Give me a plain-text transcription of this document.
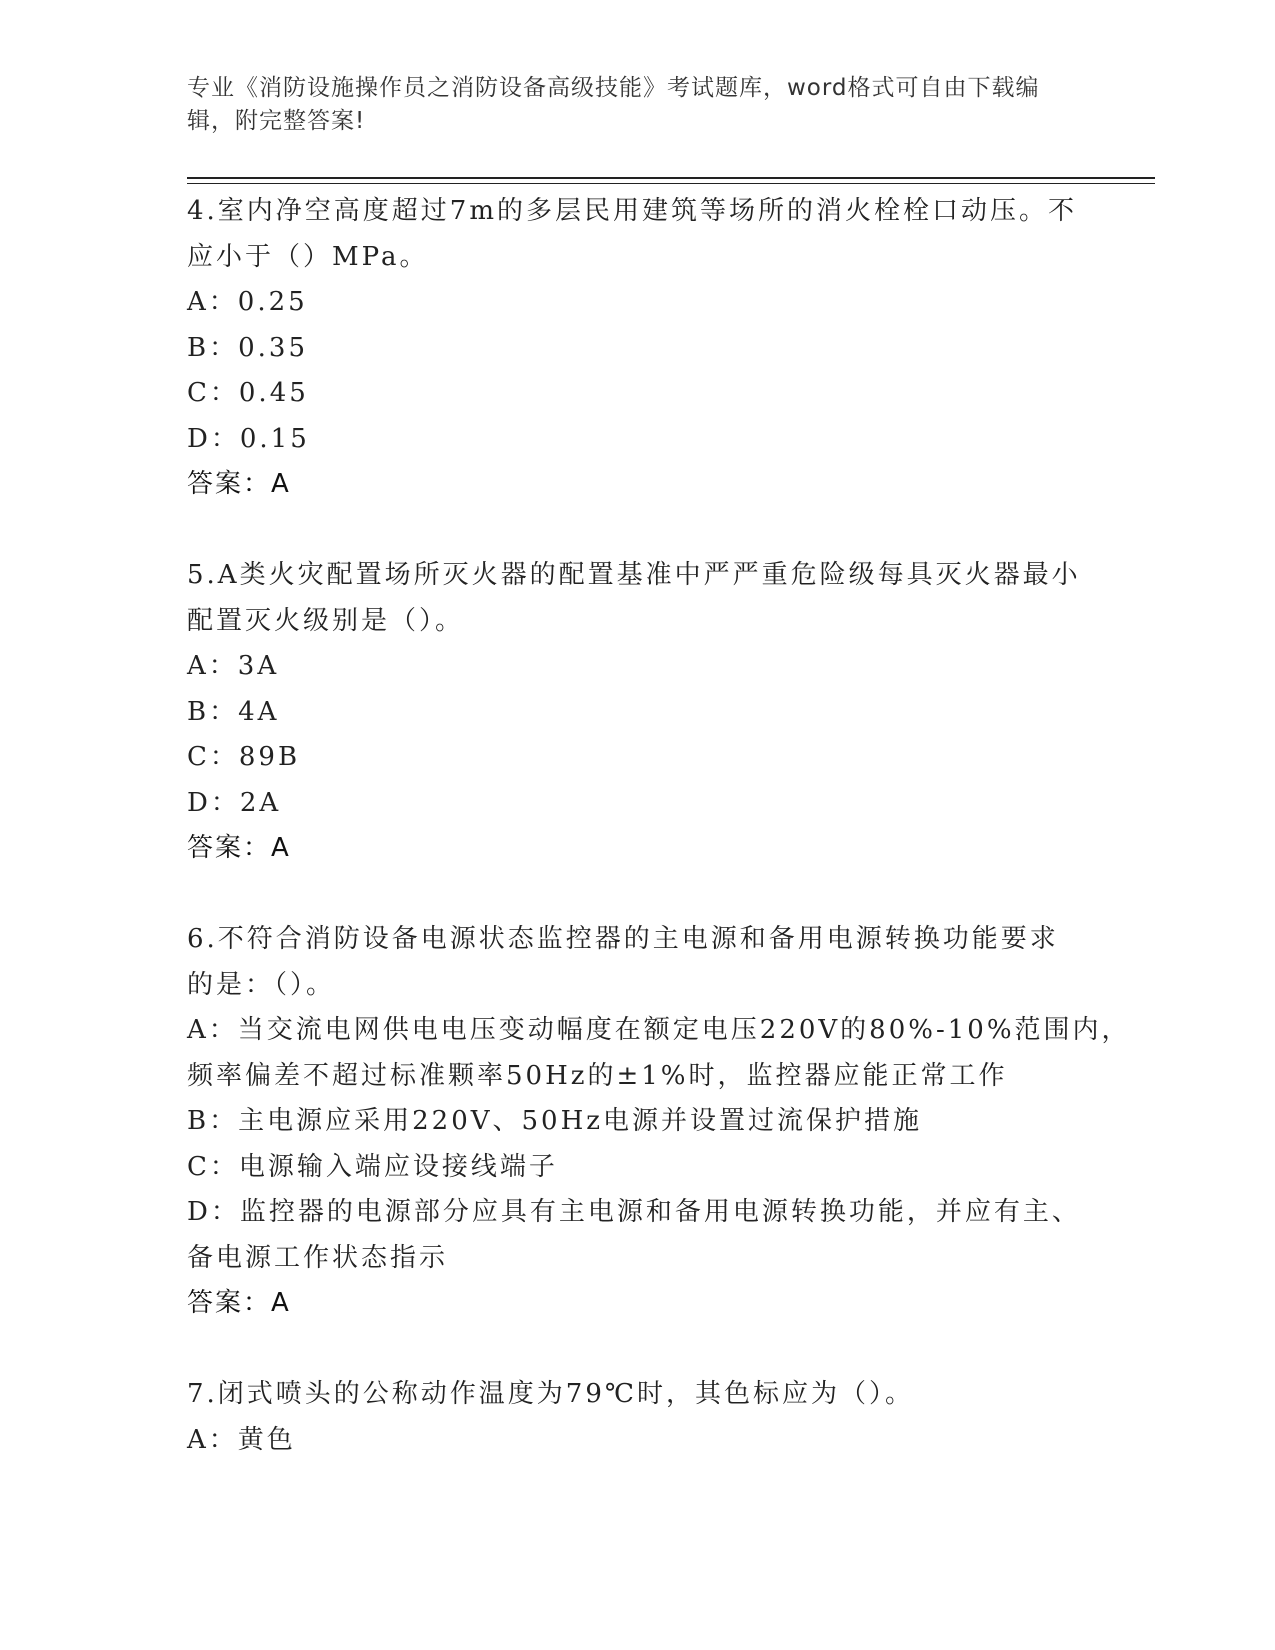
专业《消防设施操作员之消防设备高级技能》考试题库，word格式可自由下载编
辑，附完整答案!
4.室内净空高度超过7m的多层民用建筑等场所的消火栓栓口动压。不
应小于（）MPa。
A：0.25
B：0.35
C：0.45
D：0.15
答案：A
5.A类火灾配置场所灭火器的配置基准中严严重危险级每具灭火器最小
配置灭火级别是（）。
A：3A
B：4A
C：89B
D：2A
答案：A
6.不符合消防设备电源状态监控器的主电源和备用电源转换功能要求
的是：（）。
A：当交流电网供电电压变动幅度在额定电压220V的80%-10%范围内，
频率偏差不超过标准颗率50Hz的±1%时，监控器应能正常工作
B：主电源应采用220V、50Hz电源并设置过流保护措施
C：电源输入端应设接线端子
D：监控器的电源部分应具有主电源和备用电源转换功能，并应有主、
备电源工作状态指示
答案：A
7.闭式喷头的公称动作温度为79℃时，其色标应为（）。
A：黄色
